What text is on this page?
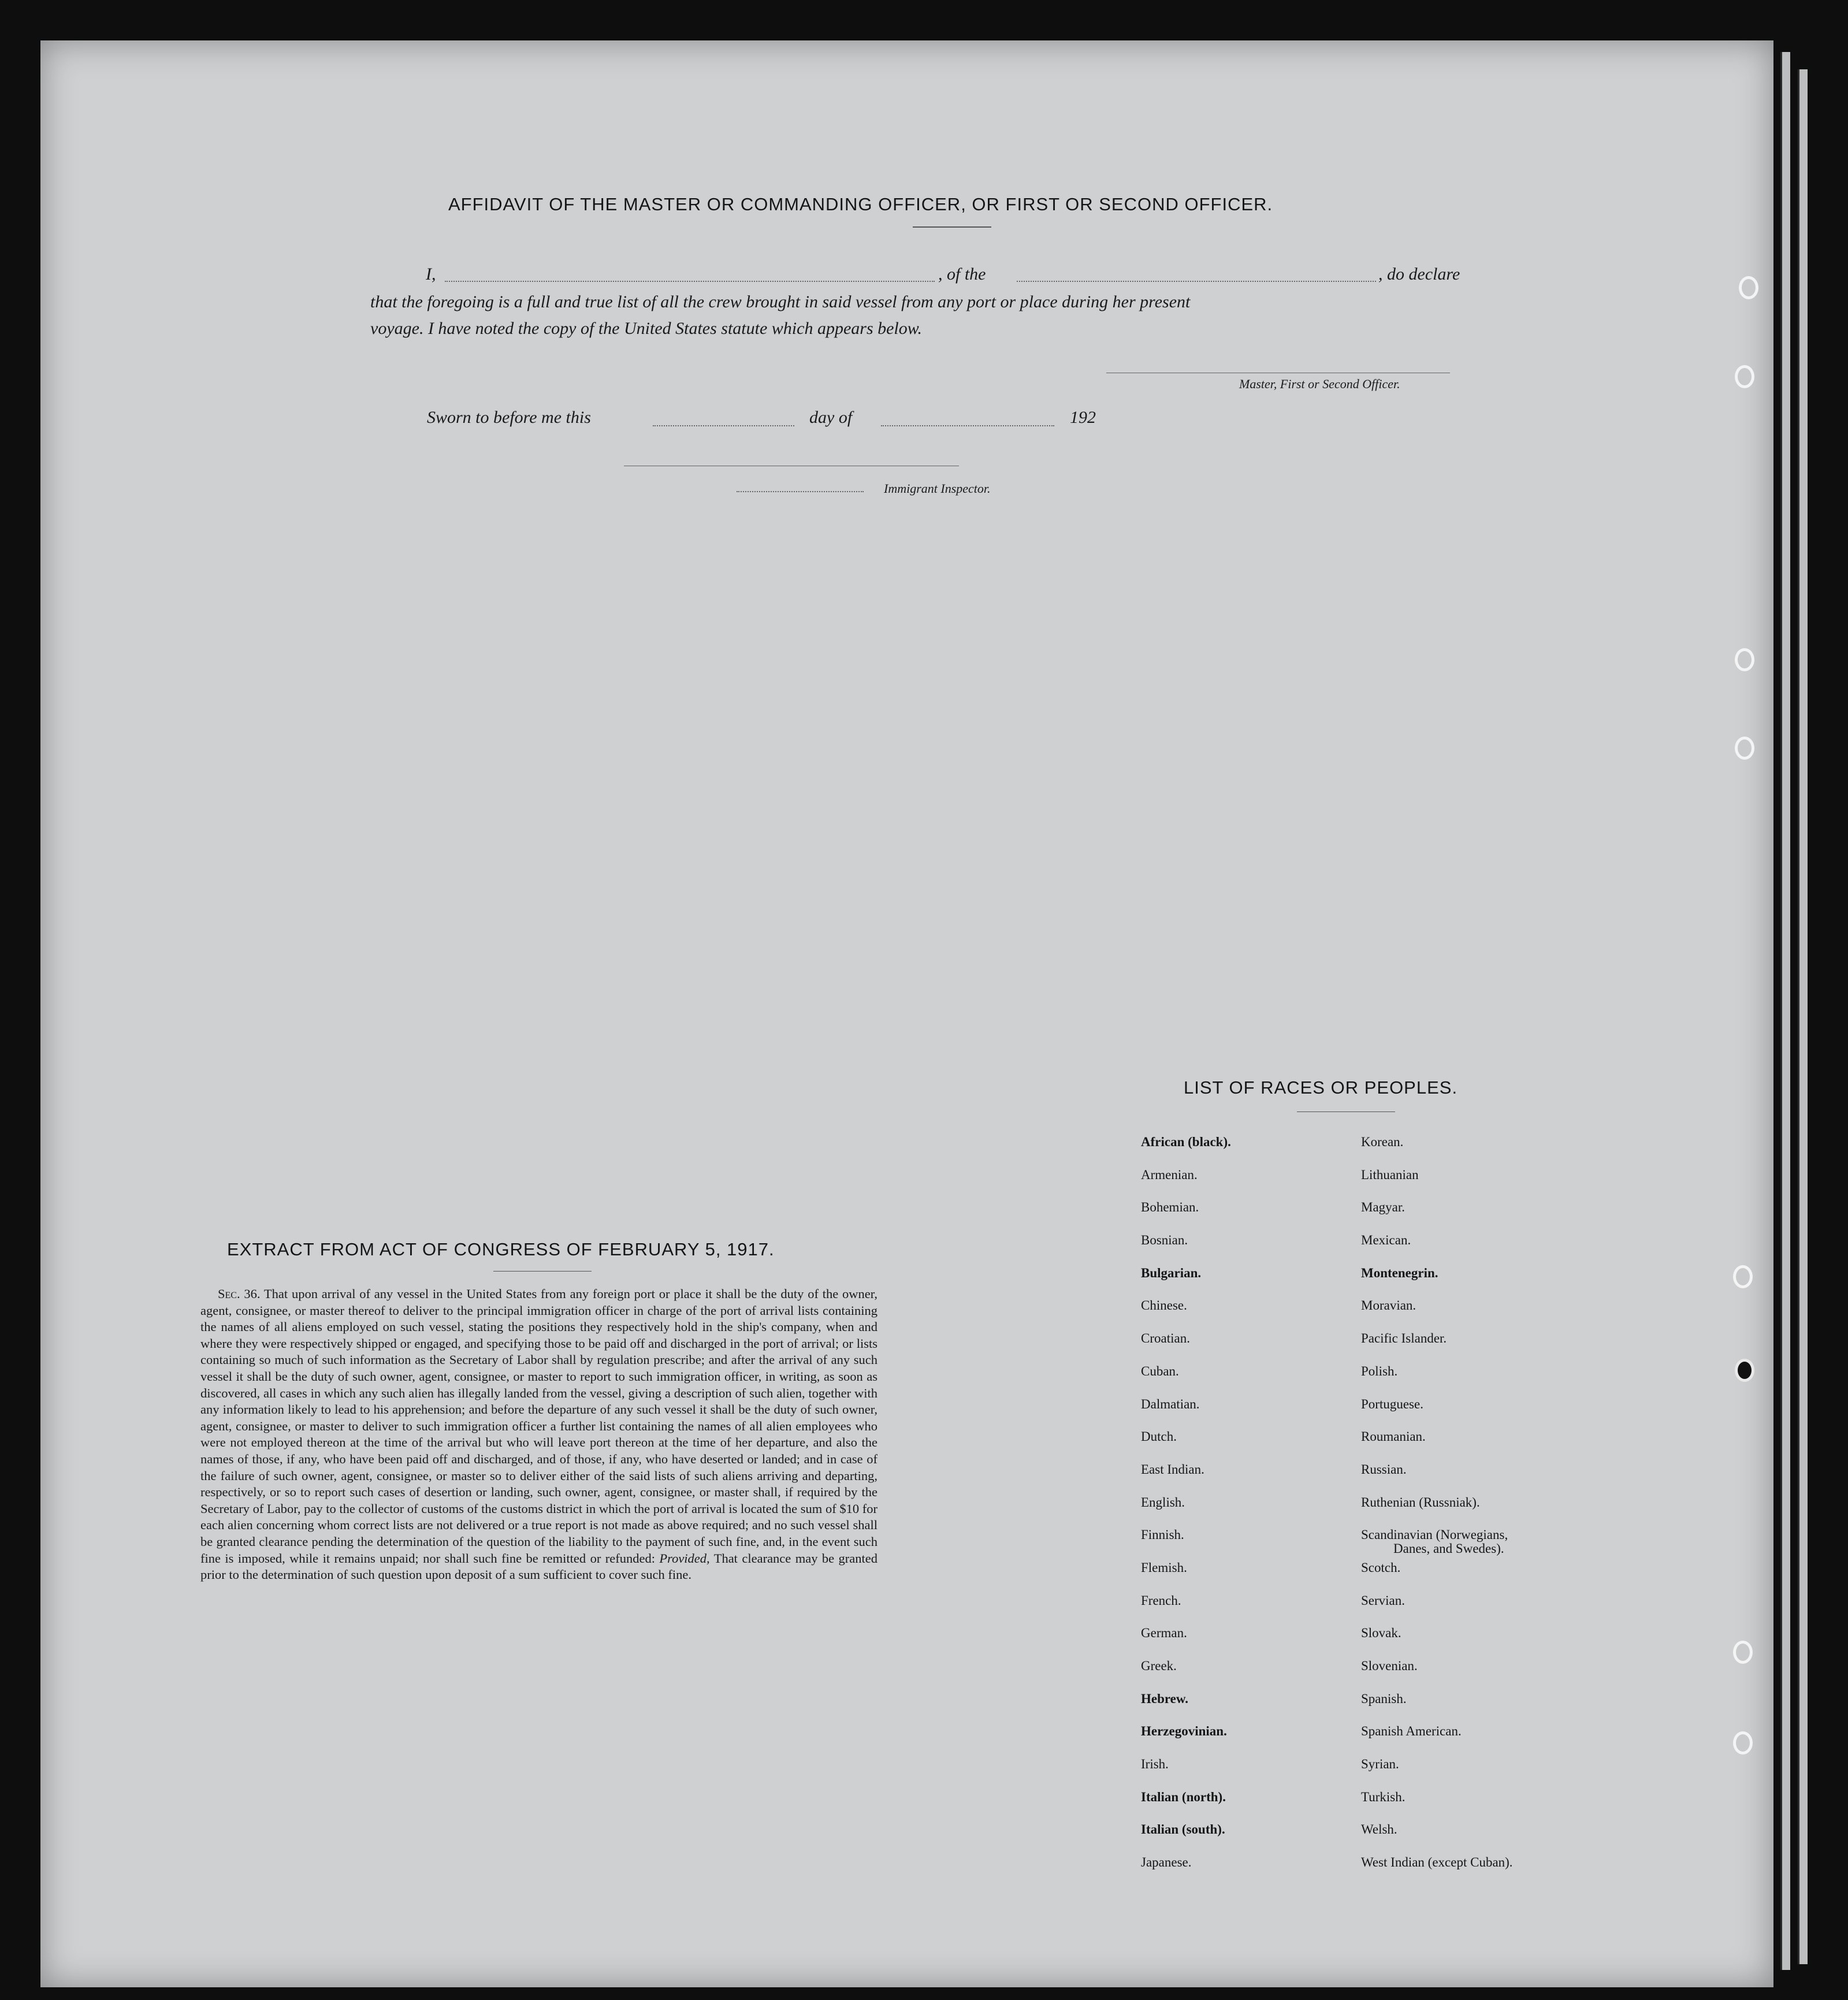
AFFIDAVIT OF THE MASTER OR COMMANDING OFFICER, OR FIRST OR SECOND OFFICER.
I,	, of the	, do declare
that the foregoing is a full and true list of all the crew brought in said vessel from any port or place during her present
voyage. I have noted the copy of the United States statute which appears below.
Master, First or Second Officer.
Sworn to before me this	day of	192
Immigrant Inspector.
EXTRACT FROM ACT OF CONGRESS OF FEBRUARY 5, 1917.
Sec. 36. That upon arrival of any vessel in the United States from any foreign port or place it shall be the duty of the owner, agent, consignee, or master thereof to deliver to the principal immigration officer in charge of the port of arrival lists containing the names of all aliens employed on such vessel, stating the positions they respectively hold in the ship's company, when and where they were respectively shipped or engaged, and specifying those to be paid off and discharged in the port of arrival; or lists containing so much of such information as the Secretary of Labor shall by regulation prescribe; and after the arrival of any such vessel it shall be the duty of such owner, agent, consignee, or master to report to such immigration officer, in writing, as soon as discovered, all cases in which any such alien has illegally landed from the vessel, giving a description of such alien, together with any information likely to lead to his apprehension; and before the departure of any such vessel it shall be the duty of such owner, agent, consignee, or master to deliver to such immigration officer a further list containing the names of all alien employees who were not employed thereon at the time of the arrival but who will leave port thereon at the time of her departure, and also the names of those, if any, who have been paid off and discharged, and of those, if any, who have deserted or landed; and in case of the failure of such owner, agent, consignee, or master so to deliver either of the said lists of such aliens arriving and departing, respectively, or so to report such cases of desertion or landing, such owner, agent, consignee, or master shall, if required by the Secretary of Labor, pay to the collector of customs of the customs district in which the port of arrival is located the sum of $10 for each alien concerning whom correct lists are not delivered or a true report is not made as above required; and no such vessel shall be granted clearance pending the determination of the question of the liability to the payment of such fine, and, in the event such fine is imposed, while it remains unpaid; nor shall such fine be remitted or refunded: Provided, That clearance may be granted prior to the determination of such question upon deposit of a sum sufficient to cover such fine.
LIST OF RACES OR PEOPLES.
African (black).
Armenian.
Bohemian.
Bosnian.
Bulgarian.
Chinese.
Croatian.
Cuban.
Dalmatian.
Dutch.
East Indian.
English.
Finnish.
Flemish.
French.
German.
Greek.
Hebrew.
Herzegovinian.
Irish.
Italian (north).
Italian (south).
Japanese.
Korean.
Lithuanian
Magyar.
Mexican.
Montenegrin.
Moravian.
Pacific Islander.
Polish.
Portuguese.
Roumanian.
Russian.
Ruthenian (Russniak).
Scandinavian (Norwegians,
Danes, and Swedes).
Scotch.
Servian.
Slovak.
Slovenian.
Spanish.
Spanish American.
Syrian.
Turkish.
Welsh.
West Indian (except Cuban).
